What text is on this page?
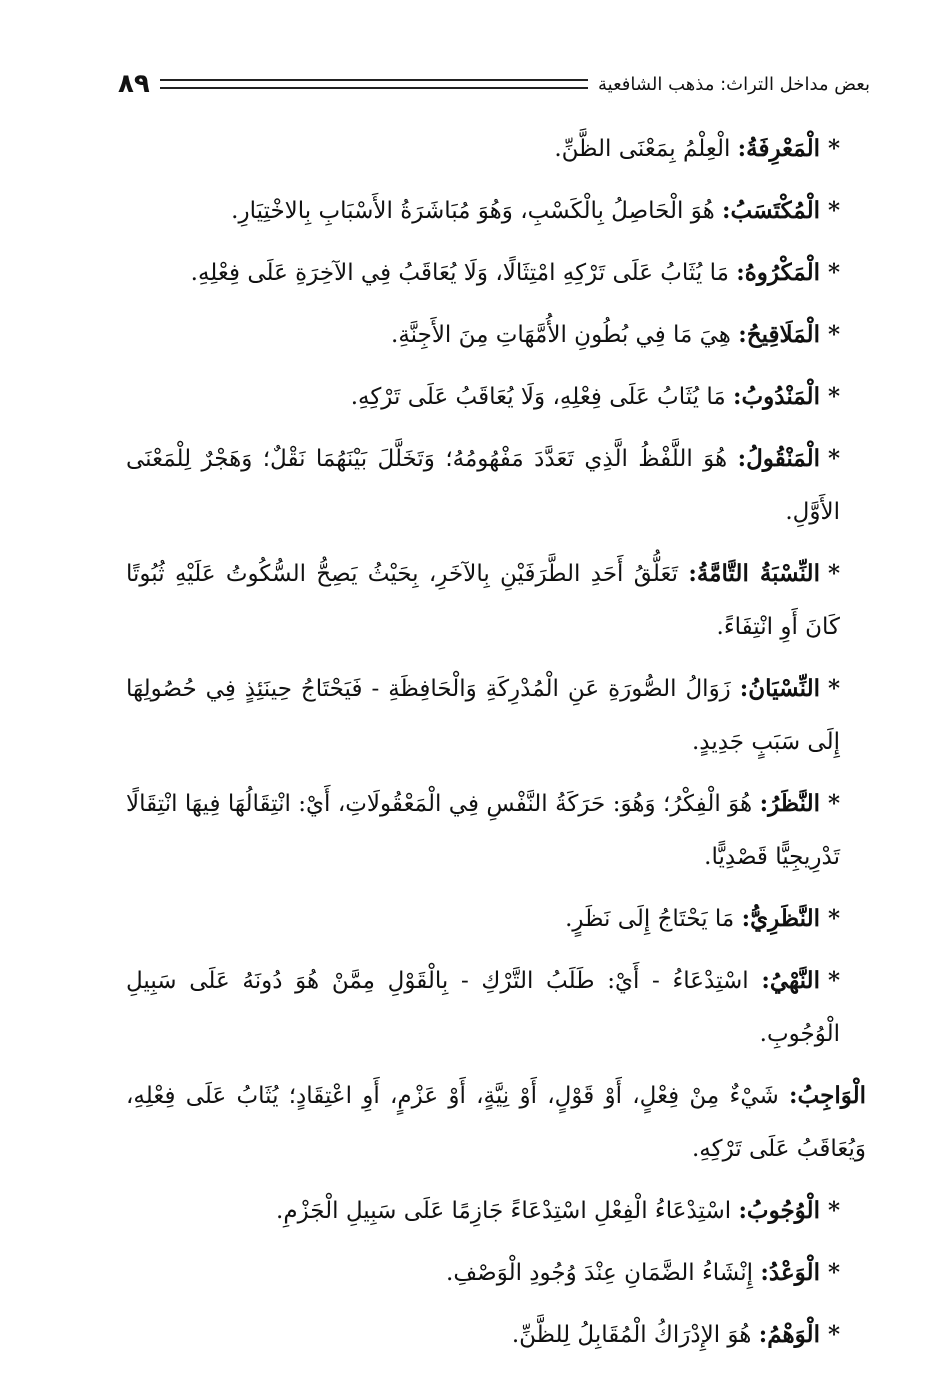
بعض مداخل التراث: مذهب الشافعية
٨٩

*الْمَعْرِفَةُ: الْعِلْمُ بِمَعْنَى الظَّنِّ.

*الْمُكْتَسَبُ: هُوَ الْحَاصِلُ بِالْكَسْبِ، وَهُوَ مُبَاشَرَةُ الأَسْبَابِ بِالاخْتِيَارِ.

*الْمَكْرُوهُ: مَا يُثَابُ عَلَى تَرْكِهِ امْتِثَالًا، وَلَا يُعَاقَبُ فِي الآخِرَةِ عَلَى فِعْلِهِ.

*الْمَلَاقِيحُ: هِيَ مَا فِي بُطُونِ الأُمَّهَاتِ مِنَ الأَجِنَّةِ.

*الْمَنْدُوبُ: مَا يُثَابُ عَلَى فِعْلِهِ، وَلَا يُعَاقَبُ عَلَى تَرْكِهِ.

*الْمَنْقُولُ: هُوَ اللَّفْظُ الَّذِي تَعَدَّدَ مَفْهُومُهُ؛ وَتَخَلَّلَ بَيْنَهُمَا نَقْلٌ؛ وَهَجْرٌ لِلْمَعْنَى الأَوَّلِ.

*النِّسْبَةُ التَّامَّةُ: تَعَلُّقُ أَحَدِ الطَّرَفَيْنِ بِالآخَرِ، بِحَيْثُ يَصِحُّ السُّكُوتُ عَلَيْهِ ثُبُوتًا كَانَ أَوِ انْتِفَاءً.

*النِّسْيَانُ: زَوَالُ الصُّورَةِ عَنِ الْمُدْرِكَةِ وَالْحَافِظَةِ - فَيَحْتَاجُ حِينَئِذٍ فِي حُصُولِهَا إِلَى سَبَبٍ جَدِيدٍ.

*النَّظَرُ: هُوَ الْفِكْرُ؛ وَهُوَ: حَرَكَةُ النَّفْسِ فِي الْمَعْقُولَاتِ، أَيْ: انْتِقَالُهَا فِيهَا انْتِقَالًا تَدْرِيجِيًّا قَصْدِيًّا.

*النَّظَرِيُّ: مَا يَحْتَاجُ إِلَى نَظَرٍ.

*النَّهْيُ: اسْتِدْعَاءُ - أَيْ: طَلَبُ التَّرْكِ - بِالْقَوْلِ مِمَّنْ هُوَ دُونَهُ عَلَى سَبِيلِ الْوُجُوبِ.

الْوَاجِبُ: شَيْءٌ مِنْ فِعْلٍ، أَوْ قَوْلٍ، أَوْ نِيَّةٍ، أَوْ عَزْمٍ، أَوِ اعْتِقَادٍ؛ يُثَابُ عَلَى فِعْلِهِ، وَيُعَاقَبُ عَلَى تَرْكِهِ.

*الْوُجُوبُ: اسْتِدْعَاءُ الْفِعْلِ اسْتِدْعَاءً جَازِمًا عَلَى سَبِيلِ الْجَزْمِ.

*الْوَعْدُ: إِنْشَاءُ الضَّمَانِ عِنْدَ وُجُودِ الْوَصْفِ.

*الْوَهْمُ: هُوَ الإِدْرَاكُ الْمُقَابِلُ لِلظَّنِّ.
